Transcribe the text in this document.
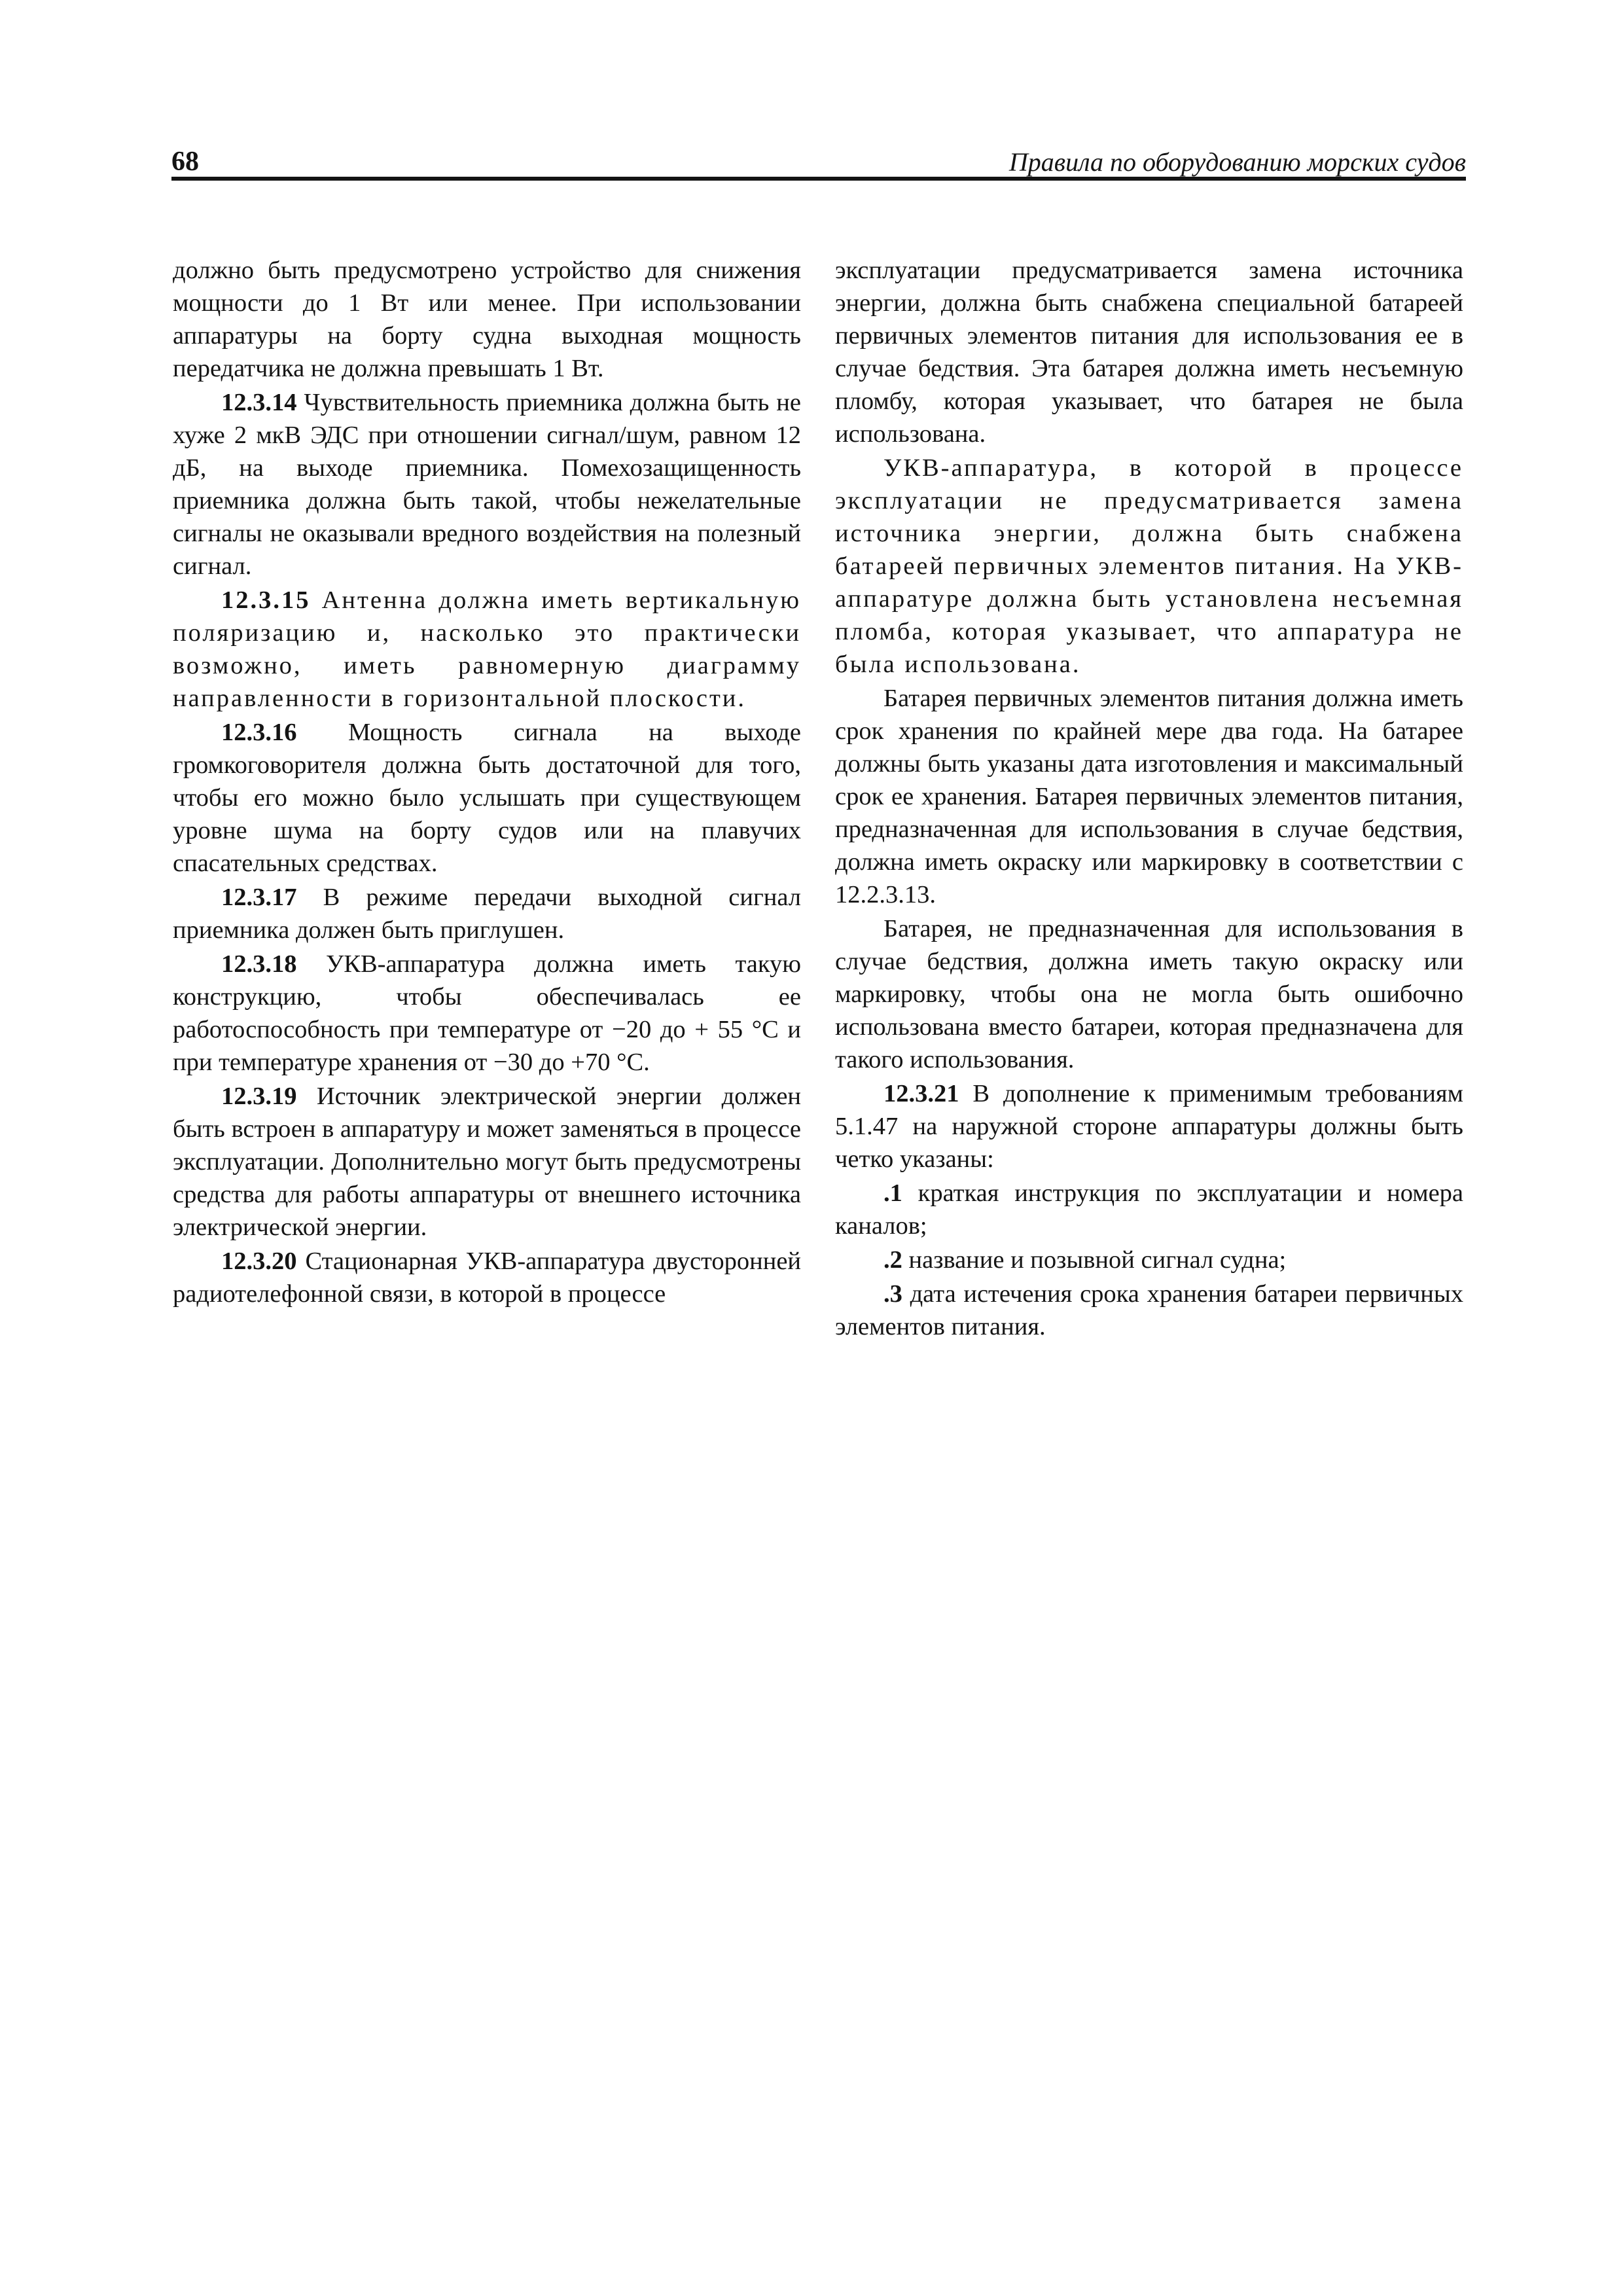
68	Правила по оборудованию морских судов

должно быть предусмотрено устройство для снижения мощности до 1 Вт или менее. При использовании аппаратуры на борту судна выходная мощность передатчика не должна превышать 1 Вт.

12.3.14 Чувствительность приемника должна быть не хуже 2 мкВ ЭДС при отношении сигнал/шум, равном 12 дБ, на выходе приемника. Помехозащищенность приемника должна быть такой, чтобы нежелательные сигналы не оказывали вредного воздействия на полезный сигнал.

12.3.15 Антенна должна иметь вертикальную поляризацию и, насколько это практически возможно, иметь равномерную диаграмму направленности в горизонтальной плоскости.

12.3.16 Мощность сигнала на выходе громкоговорителя должна быть достаточной для того, чтобы его можно было услышать при существующем уровне шума на борту судов или на плавучих спасательных средствах.

12.3.17 В режиме передачи выходной сигнал приемника должен быть приглушен.

12.3.18 УКВ-аппаратура должна иметь такую конструкцию, чтобы обеспечивалась ее работоспособность при температуре от −20 до + 55 °С и при температуре хранения от −30 до +70 °С.

12.3.19 Источник электрической энергии должен быть встроен в аппаратуру и может заменяться в процессе эксплуатации. Дополнительно могут быть предусмотрены средства для работы аппаратуры от внешнего источника электрической энергии.

12.3.20 Стационарная УКВ-аппаратура двусторонней радиотелефонной связи, в которой в процессе

эксплуатации предусматривается замена источника энергии, должна быть снабжена специальной батареей первичных элементов питания для использования ее в случае бедствия. Эта батарея должна иметь несъемную пломбу, которая указывает, что батарея не была использована.

УКВ-аппаратура, в которой в процессе эксплуатации не предусматривается замена источника энергии, должна быть снабжена батареей первичных элементов питания. На УКВ-аппаратуре должна быть установлена несъемная пломба, которая указывает, что аппаратура не была использована.

Батарея первичных элементов питания должна иметь срок хранения по крайней мере два года. На батарее должны быть указаны дата изготовления и максимальный срок ее хранения. Батарея первичных элементов питания, предназначенная для использования в случае бедствия, должна иметь окраску или маркировку в соответствии с 12.2.3.13.

Батарея, не предназначенная для использования в случае бедствия, должна иметь такую окраску или маркировку, чтобы она не могла быть ошибочно использована вместо батареи, которая предназначена для такого использования.

12.3.21 В дополнение к применимым требованиям 5.1.47 на наружной стороне аппаратуры должны быть четко указаны:

.1 краткая инструкция по эксплуатации и номера каналов;

.2 название и позывной сигнал судна;

.3 дата истечения срока хранения батареи первичных элементов питания.
